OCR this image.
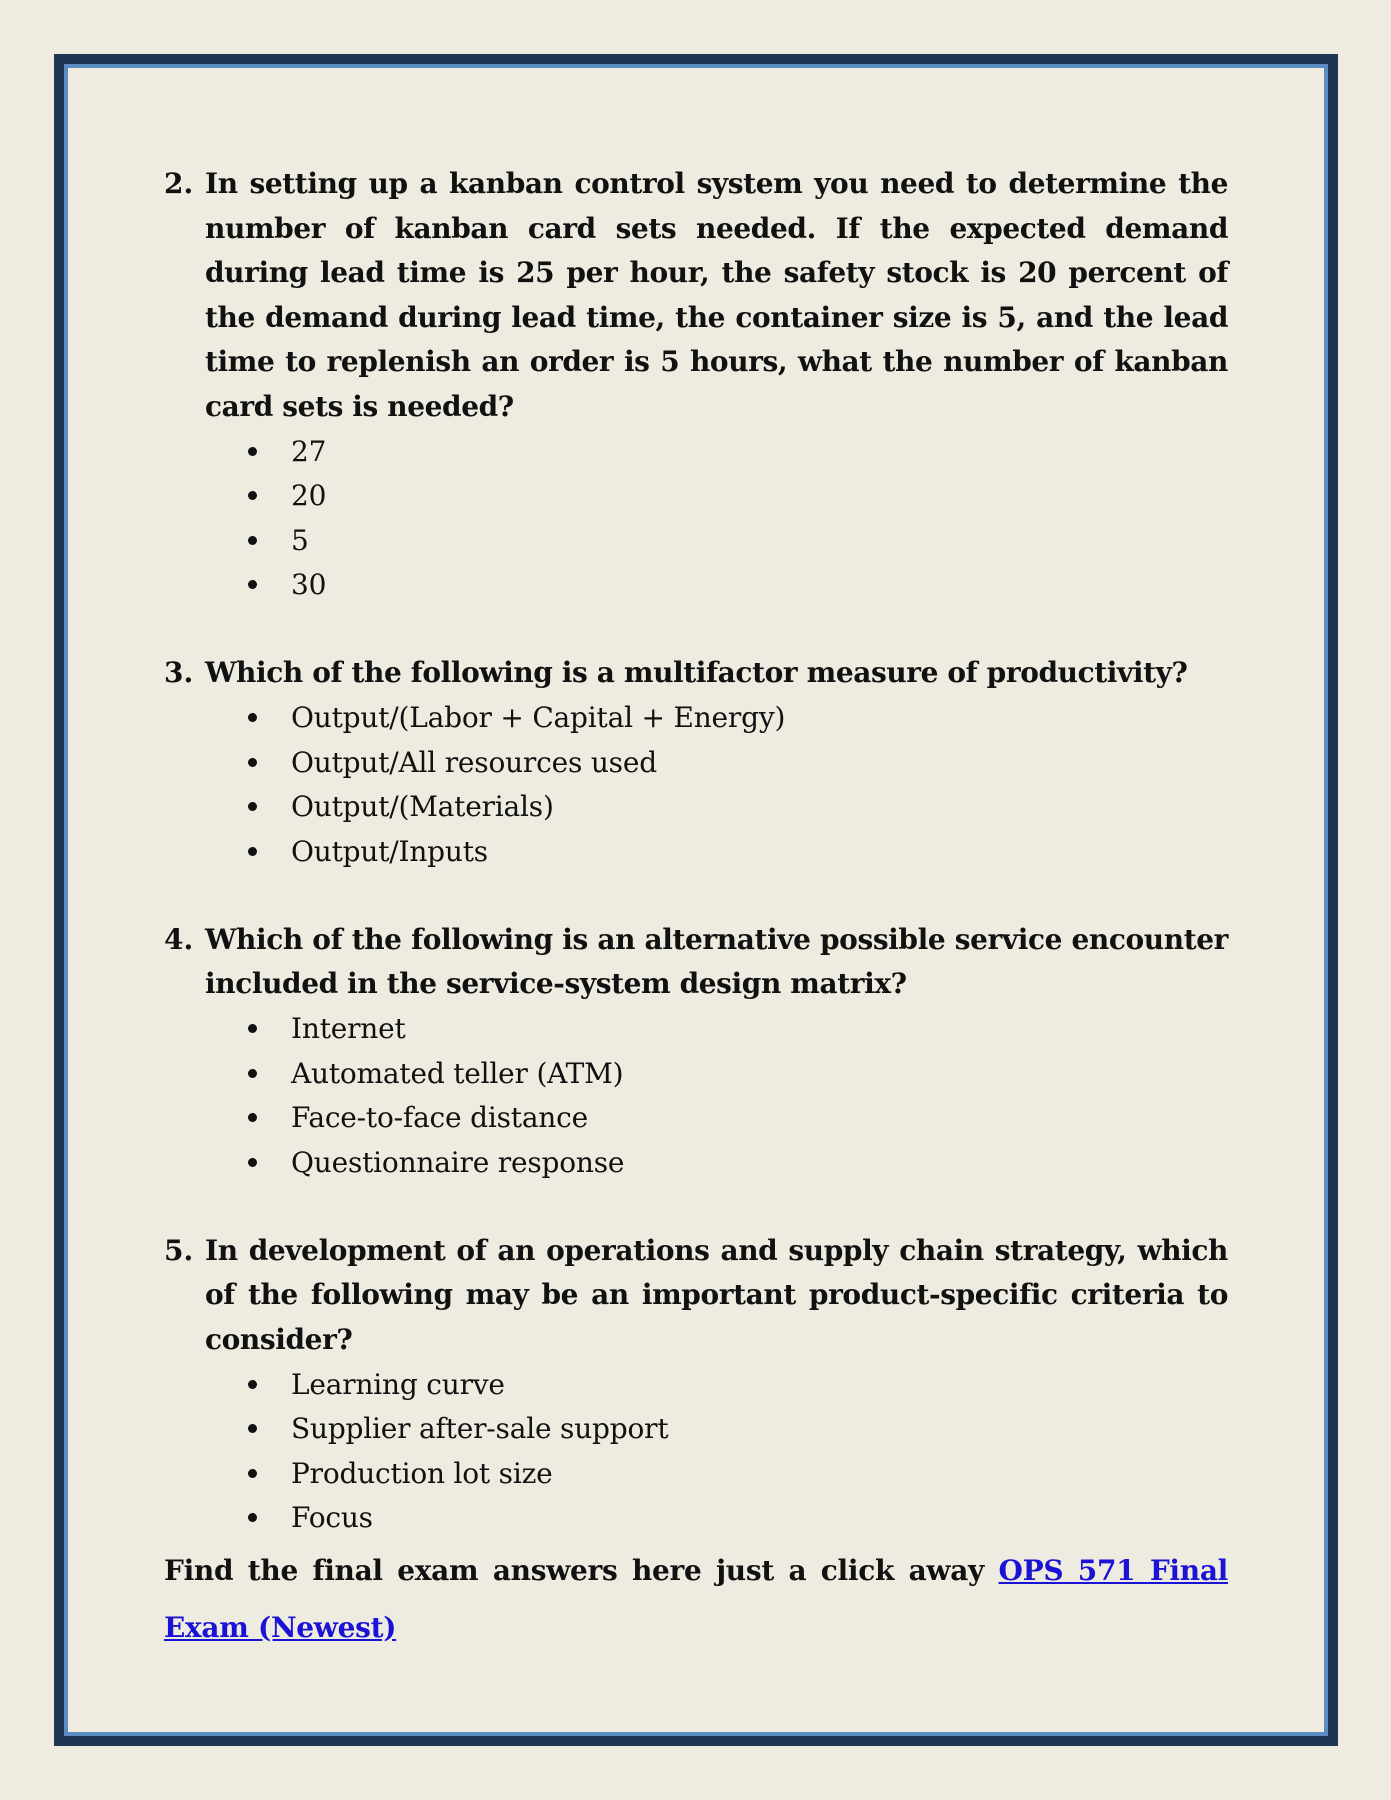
2. In setting up a kanban control system you need to determine the number of kanban card sets needed. If the expected demand during lead time is 25 per hour, the safety stock is 20 percent of the demand during lead time, the container size is 5, and the lead time to replenish an order is 5 hours, what the number of kanban card sets is needed?
27
20
5
30
3. Which of the following is a multifactor measure of productivity?
Output/(Labor + Capital + Energy)
Output/All resources used
Output/(Materials)
Output/Inputs
4. Which of the following is an alternative possible service encounter included in the service-system design matrix?
Internet
Automated teller (ATM)
Face-to-face distance
Questionnaire response
5. In development of an operations and supply chain strategy, which of the following may be an important product-specific criteria to consider?
Learning curve
Supplier after-sale support
Production lot size
Focus

Find the final exam answers here just a click away OPS 571 Final Exam (Newest)
